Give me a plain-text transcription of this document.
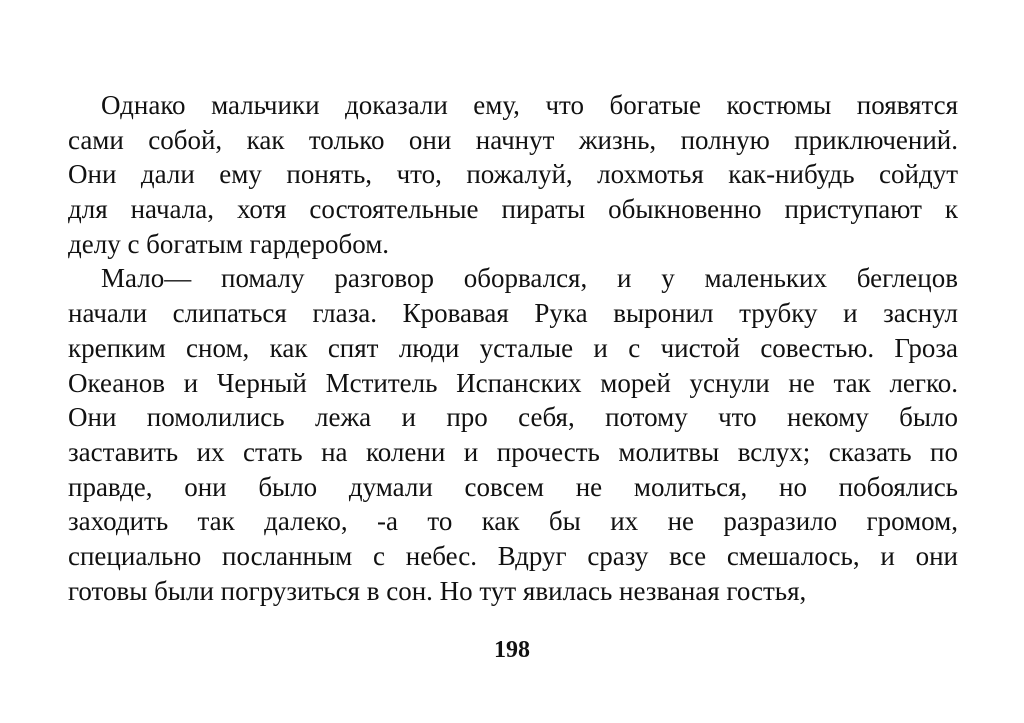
Однако мальчики доказали ему, что богатые костюмы появятся
сами собой, как только они начнут жизнь, полную приключений.
Они дали ему понять, что, пожалуй, лохмотья как-нибудь сойдут
для начала, хотя состоятельные пираты обыкновенно приступают к
делу с богатым гардеробом.
Мало— помалу разговор оборвался, и у маленьких беглецов
начали слипаться глаза. Кровавая Рука выронил трубку и заснул
крепким сном, как спят люди усталые и с чистой совестью. Гроза
Океанов и Черный Мститель Испанских морей уснули не так легко.
Они помолились лежа и про себя, потому что некому было
заставить их стать на колени и прочесть молитвы вслух; сказать по
правде, они было думали совсем не молиться, но побоялись
заходить так далеко, -а то как бы их не разразило громом,
специально посланным с небес. Вдруг сразу все смешалось, и они
готовы были погрузиться в сон. Но тут явилась незваная гостья,
198
